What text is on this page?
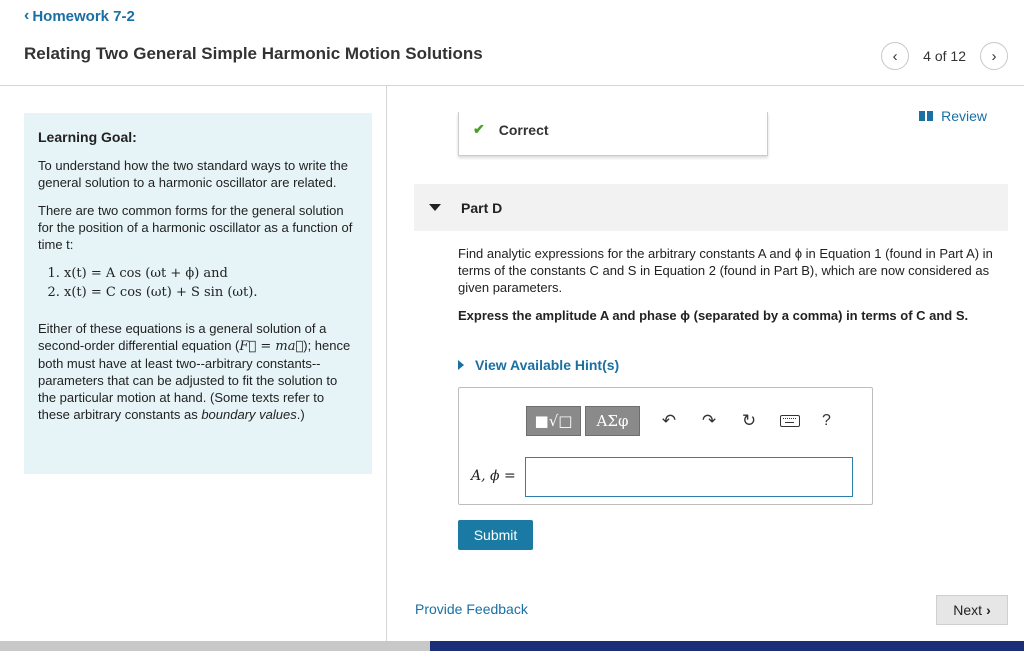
‹ Homework 7-2
Relating Two General Simple Harmonic Motion Solutions	‹ 4 of 12 ›
Learning Goal:

To understand how the two standard ways to write the general solution to a harmonic oscillator are related.

There are two common forms for the general solution for the position of a harmonic oscillator as a function of time t:

1. x(t) = A cos (ωt + ϕ) and
2. x(t) = C cos (ωt) + S sin (ωt).

Either of these equations is a general solution of a second-order differential equation (F⃗ = ma⃗); hence both must have at least two--arbitrary constants--parameters that can be adjusted to fit the solution to the particular motion at hand. (Some texts refer to these arbitrary constants as boundary values.)

Review
✔ Correct
Part D
Find analytic expressions for the arbitrary constants A and ϕ in Equation 1 (found in Part A) in terms of the constants C and S in Equation 2 (found in Part B), which are now considered as given parameters.
Express the amplitude A and phase ϕ (separated by a comma) in terms of C and S.
View Available Hint(s)
■√□	ΑΣφ	↶ ↷ ↻	?
A, ϕ =
Submit
Provide Feedback	Next ›
